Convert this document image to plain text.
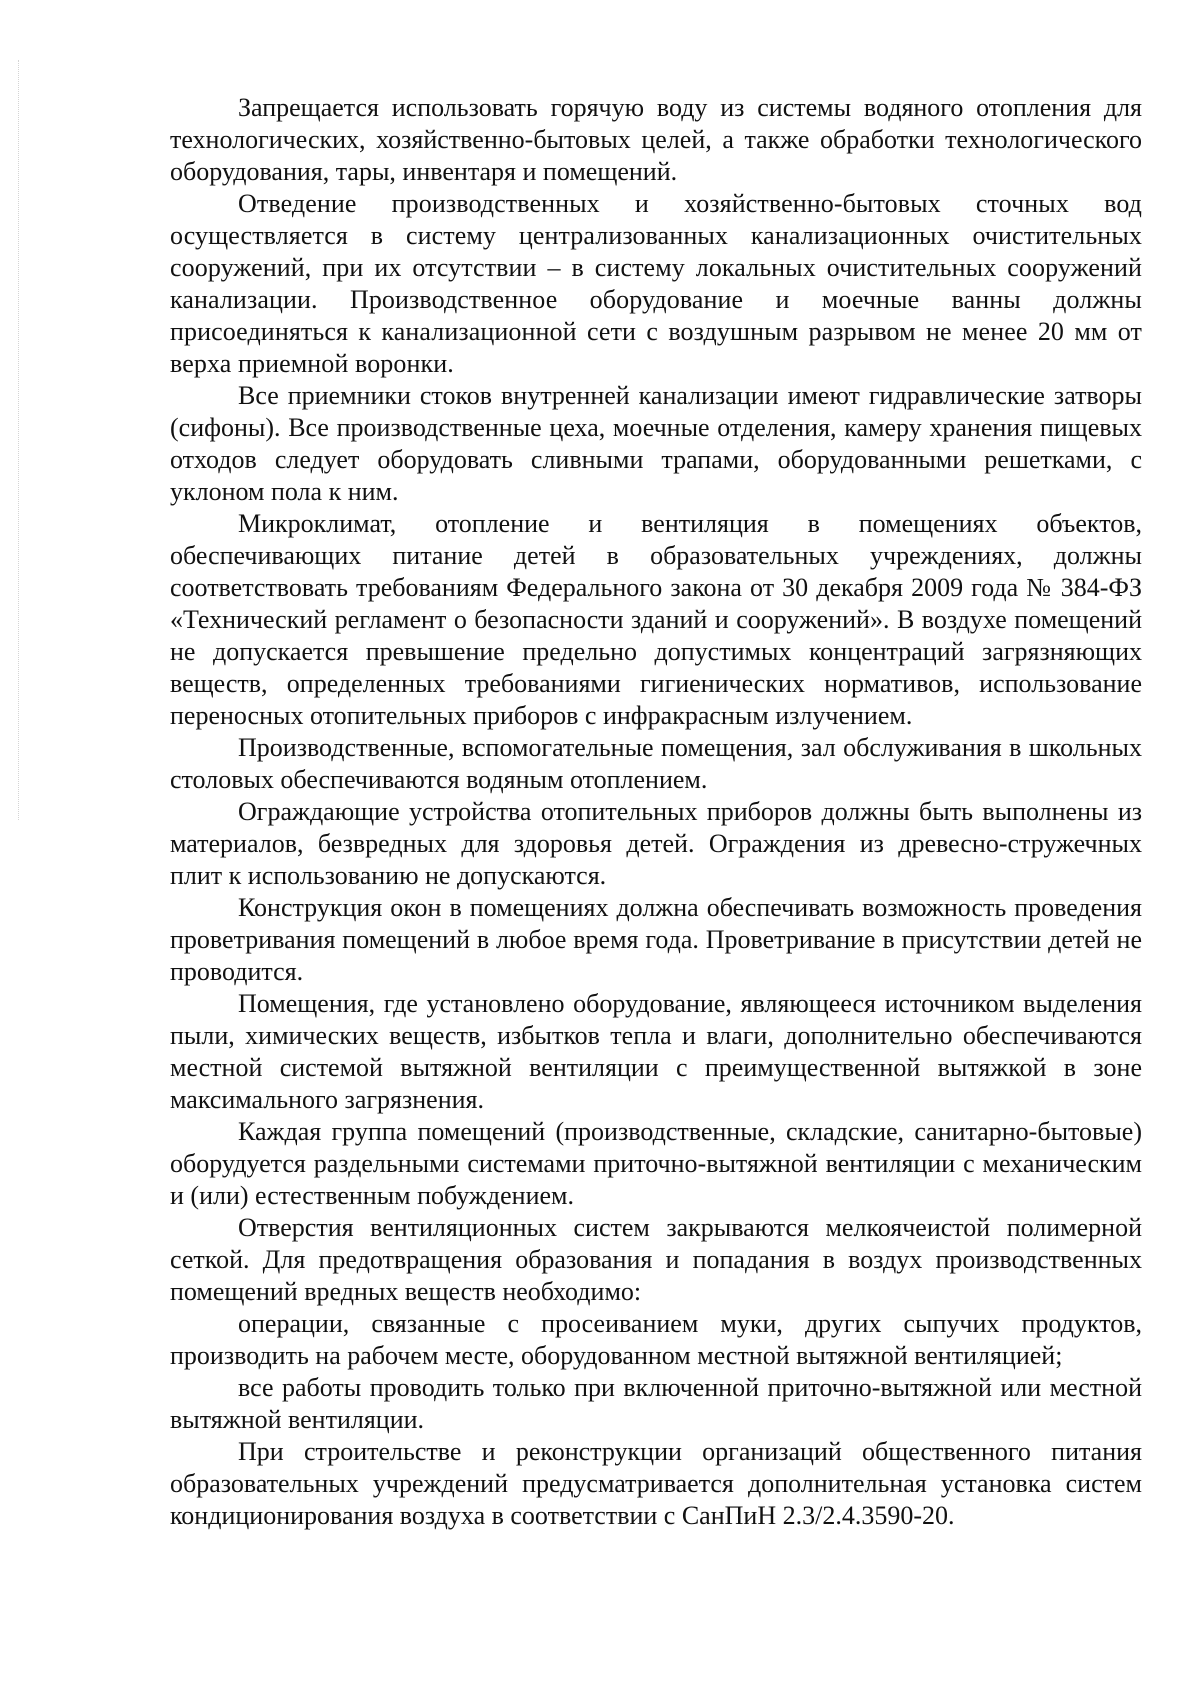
Запрещается использовать горячую воду из системы водяного отопления для технологических, хозяйственно-бытовых целей, а также обработки технологического оборудования, тары, инвентаря и помещений.

Отведение производственных и хозяйственно-бытовых сточных вод осуществляется в систему централизованных канализационных очистительных сооружений, при их отсутствии – в систему локальных очистительных сооружений канализации. Производственное оборудование и моечные ванны должны присоединяться к канализационной сети с воздушным разрывом не менее 20 мм от верха приемной воронки.

Все приемники стоков внутренней канализации имеют гидравлические затворы (сифоны). Все производственные цеха, моечные отделения, камеру хранения пищевых отходов следует оборудовать сливными трапами, оборудованными решетками, с уклоном пола к ним.

Микроклимат, отопление и вентиляция в помещениях объектов, обеспечивающих питание детей в образовательных учреждениях, должны соответствовать требованиям Федерального закона от 30 декабря 2009 года № 384-ФЗ «Технический регламент о безопасности зданий и сооружений». В воздухе помещений не допускается превышение предельно допустимых концентраций загрязняющих веществ, определенных требованиями гигиенических нормативов, использование переносных отопительных приборов с инфракрасным излучением.

Производственные, вспомогательные помещения, зал обслуживания в школьных столовых обеспечиваются водяным отоплением.

Ограждающие устройства отопительных приборов должны быть выполнены из материалов, безвредных для здоровья детей. Ограждения из древесно-стружечных плит к использованию не допускаются.

Конструкция окон в помещениях должна обеспечивать возможность проведения проветривания помещений в любое время года. Проветривание в присутствии детей не проводится.

Помещения, где установлено оборудование, являющееся источником выделения пыли, химических веществ, избытков тепла и влаги, дополнительно обеспечиваются местной системой вытяжной вентиляции с преимущественной вытяжкой в зоне максимального загрязнения.

Каждая группа помещений (производственные, складские, санитарно-бытовые) оборудуется раздельными системами приточно-вытяжной вентиляции с механическим и (или) естественным побуждением.

Отверстия вентиляционных систем закрываются мелкоячеистой полимерной сеткой. Для предотвращения образования и попадания в воздух производственных помещений вредных веществ необходимо:

операции, связанные с просеиванием муки, других сыпучих продуктов, производить на рабочем месте, оборудованном местной вытяжной вентиляцией;

все работы проводить только при включенной приточно-вытяжной или местной вытяжной вентиляции.

При строительстве и реконструкции организаций общественного питания образовательных учреждений предусматривается дополнительная установка систем кондиционирования воздуха в соответствии с СанПиН 2.3/2.4.3590-20.
